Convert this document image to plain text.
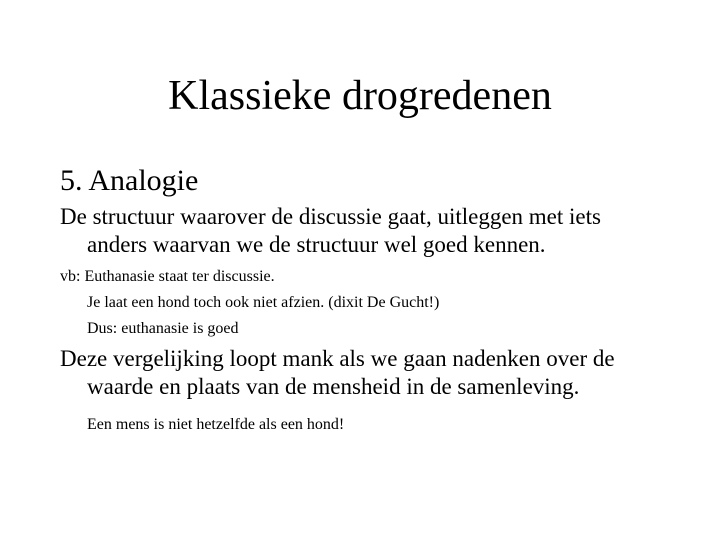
Klassieke drogredenen
5. Analogie
De structuur waarover de discussie gaat, uitleggen met iets
anders waarvan we de structuur wel goed kennen.
vb: Euthanasie staat ter discussie.
Je laat een hond toch ook niet afzien. (dixit De Gucht!)
Dus: euthanasie is goed
Deze vergelijking loopt mank als we gaan nadenken over de
waarde en plaats van de mensheid in de samenleving.
Een mens is niet hetzelfde als een hond!
